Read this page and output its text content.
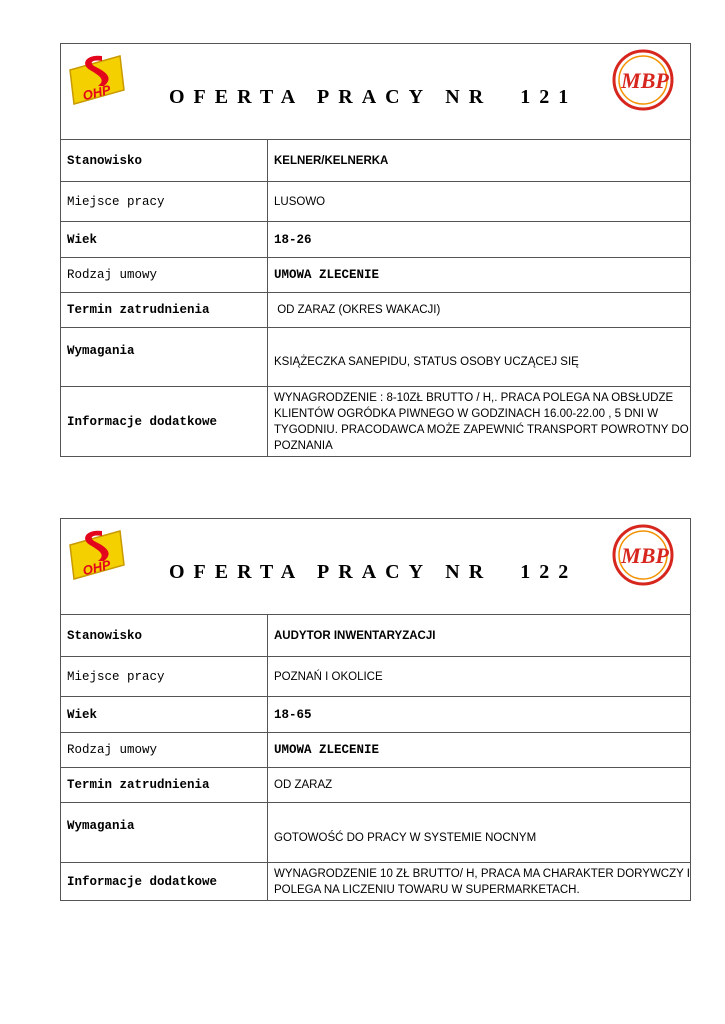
OHP MBP
OFERTA PRACY NR 121	

Stanowisko	KELNER/KELNERKA
Miejsce pracy	LUSOWO
Wiek	18-26
Rodzaj umowy	UMOWA ZLECENIE
Termin zatrudnienia	OD ZARAZ (OKRES WAKACJI)
Wymagania	KSIĄŻECZKA SANEPIDU, STATUS OSOBY UCZĄCEJ SIĘ
Informacje dodatkowe	WYNAGRODZENIE : 8-10ZŁ BRUTTO / H,. PRACA POLEGA NA OBSŁUDZE KLIENTÓW OGRÓDKA PIWNEGO W GODZINACH 16.00-22.00 , 5 DNI W TYGODNIU. PRACODAWCA MOŻE ZAPEWNIĆ TRANSPORT POWROTNY DO POZNANIA
OHP MBP
OFERTA PRACY NR 122	

Stanowisko	AUDYTOR INWENTARYZACJI
Miejsce pracy	POZNAŃ I OKOLICE
Wiek	18-65
Rodzaj umowy	UMOWA ZLECENIE
Termin zatrudnienia	OD ZARAZ
Wymagania	GOTOWOŚĆ DO PRACY W SYSTEMIE NOCNYM
Informacje dodatkowe	WYNAGRODZENIE 10 ZŁ BRUTTO/ H, PRACA MA CHARAKTER DORYWCZY I POLEGA NA LICZENIU TOWARU W SUPERMARKETACH.
